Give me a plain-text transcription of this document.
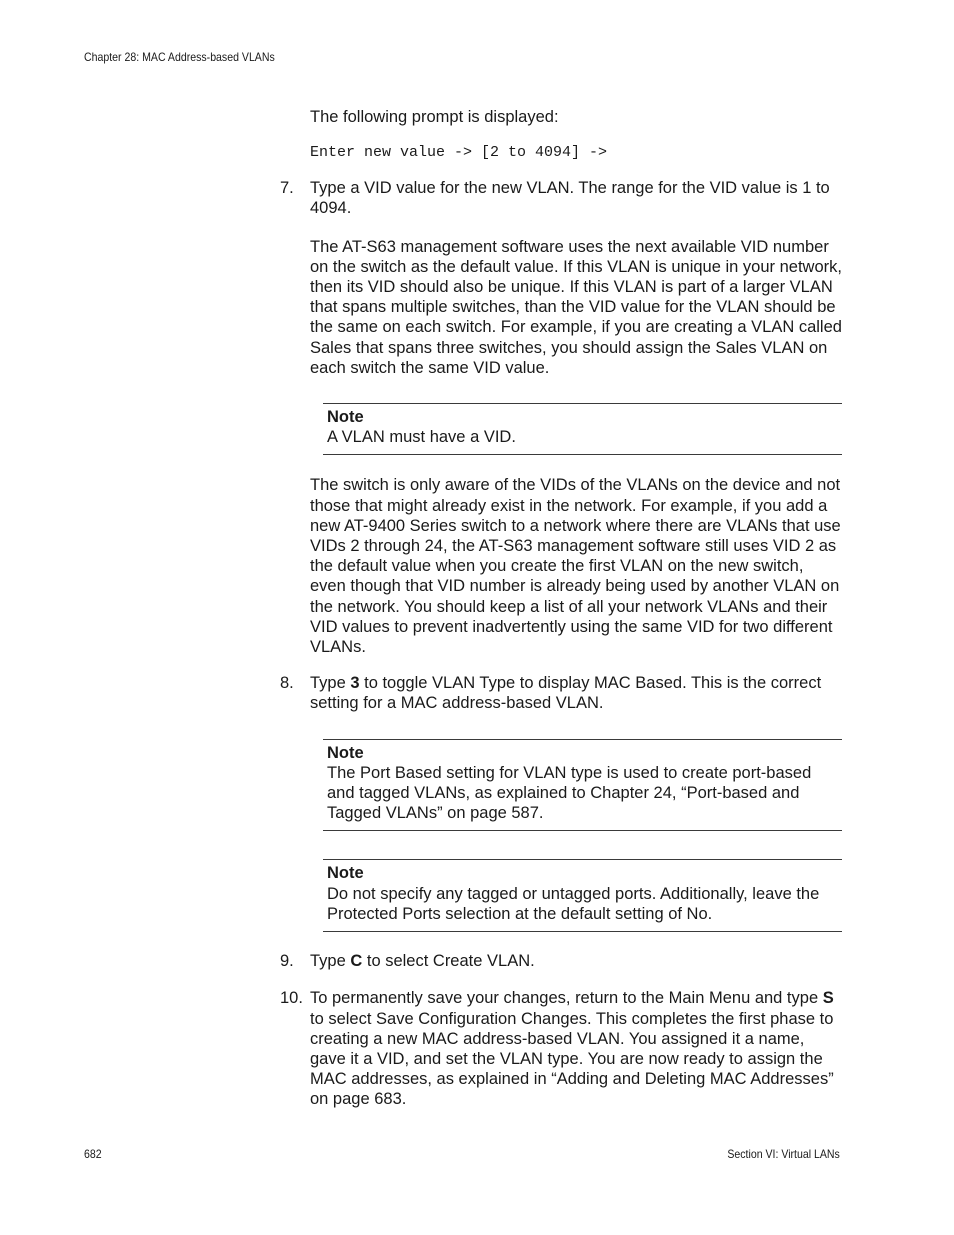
Chapter 28: MAC Address-based VLANs

The following prompt is displayed:

Enter new value -> [2 to 4094] ->
7. Type a VID value for the new VLAN. The range for the VID value is 1 to 4094.

The AT-S63 management software uses the next available VID number on the switch as the default value. If this VLAN is unique in your network, then its VID should also be unique. If this VLAN is part of a larger VLAN that spans multiple switches, than the VID value for the VLAN should be the same on each switch. For example, if you are creating a VLAN called Sales that spans three switches, you should assign the Sales VLAN on each switch the same VID value.

Note
A VLAN must have a VID.

The switch is only aware of the VIDs of the VLANs on the device and not those that might already exist in the network. For example, if you add a new AT-9400 Series switch to a network where there are VLANs that use VIDs 2 through 24, the AT-S63 management software still uses VID 2 as the default value when you create the first VLAN on the new switch, even though that VID number is already being used by another VLAN on the network. You should keep a list of all your network VLANs and their VID values to prevent inadvertently using the same VID for two different VLANs.

8. Type 3 to toggle VLAN Type to display MAC Based. This is the correct setting for a MAC address-based VLAN.

Note
The Port Based setting for VLAN type is used to create port-based and tagged VLANs, as explained to Chapter 24, “Port-based and Tagged VLANs” on page 587.
Note
Do not specify any tagged or untagged ports. Additionally, leave the Protected Ports selection at the default setting of No.
9. Type C to select Create VLAN.

10. To permanently save your changes, return to the Main Menu and type S to select Save Configuration Changes. This completes the first phase to creating a new MAC address-based VLAN. You assigned it a name, gave it a VID, and set the VLAN type. You are now ready to assign the MAC addresses, as explained in “Adding and Deleting MAC Addresses” on page 683.

682	Section VI: Virtual LANs
